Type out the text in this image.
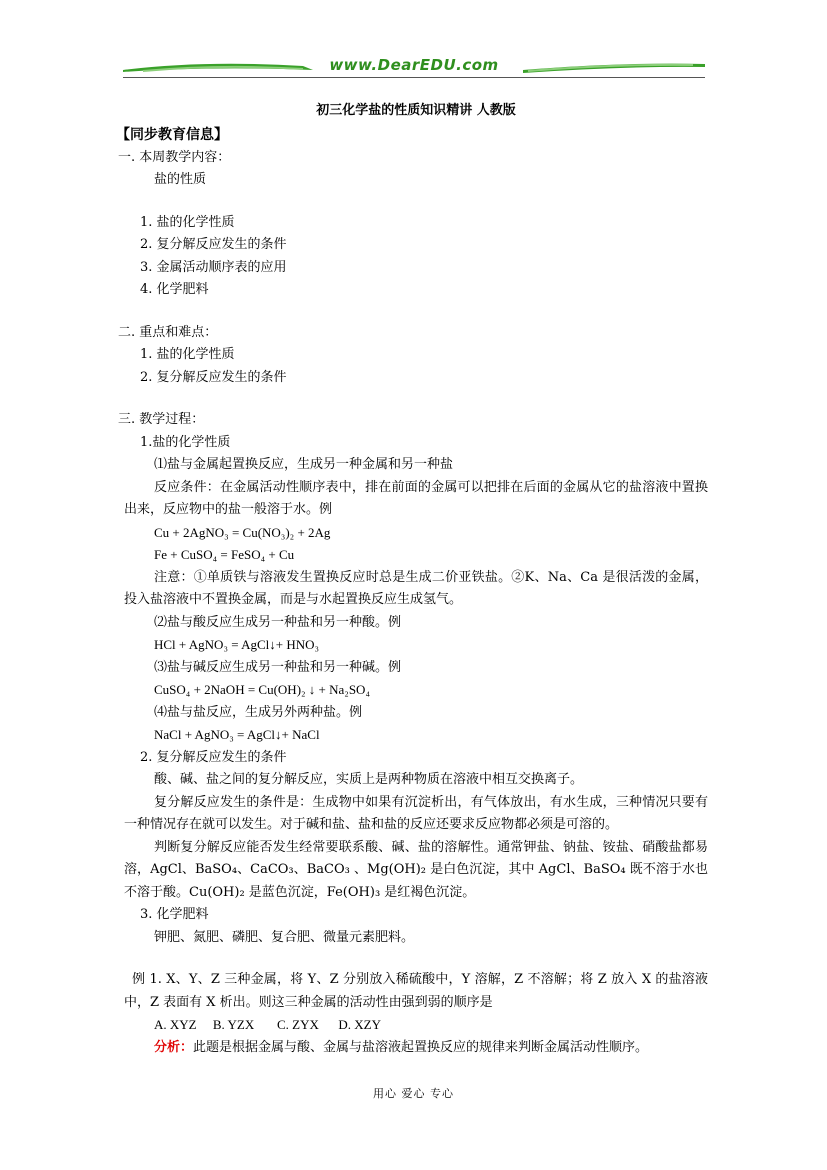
www.DearEDU.com
初三化学盐的性质知识精讲 人教版
【同步教育信息】
一. 本周教学内容：
盐的性质
1. 盐的化学性质
2. 复分解反应发生的条件
3. 金属活动顺序表的应用
4. 化学肥料
二. 重点和难点：
1. 盐的化学性质
2. 复分解反应发生的条件
三. 教学过程：
1.盐的化学性质
⑴盐与金属起置换反应，生成另一种金属和另一种盐
反应条件：在金属活动性顺序表中，排在前面的金属可以把排在后面的金属从它的盐溶液中置换出来，反应物中的盐一般溶于水。例
Cu + 2AgNO₃ = Cu(NO₃)₂ + 2Ag
Fe + CuSO₄ = FeSO₄ + Cu
注意：①单质铁与溶液发生置换反应时总是生成二价亚铁盐。②K、Na、Ca 是很活泼的金属，投入盐溶液中不置换金属，而是与水起置换反应生成氢气。
⑵盐与酸反应生成另一种盐和另一种酸。例
HCl + AgNO₃ = AgCl↓+ HNO₃
⑶盐与碱反应生成另一种盐和另一种碱。例
CuSO₄ + 2NaOH = Cu(OH)₂ ↓ + Na₂SO₄
⑷盐与盐反应，生成另外两种盐。例
NaCl + AgNO₃ = AgCl↓+ NaCl
2. 复分解反应发生的条件
酸、碱、盐之间的复分解反应，实质上是两种物质在溶液中相互交换离子。
复分解反应发生的条件是：生成物中如果有沉淀析出，有气体放出，有水生成，三种情况只要有一种情况存在就可以发生。对于碱和盐、盐和盐的反应还要求反应物都必须是可溶的。
判断复分解反应能否发生经常要联系酸、碱、盐的溶解性。通常钾盐、钠盐、铵盐、硝酸盐都易溶，AgCl、BaSO₄、CaCO₃、BaCO₃ 、Mg(OH)₂ 是白色沉淀，其中 AgCl、BaSO₄ 既不溶于水也不溶于酸。Cu(OH)₂ 是蓝色沉淀，Fe(OH)₃ 是红褐色沉淀。
3. 化学肥料
钾肥、氮肥、磷肥、复合肥、微量元素肥料。
例 1. X、Y、Z 三种金属，将 Y、Z 分别放入稀硫酸中，Y 溶解，Z 不溶解；将 Z 放入 X 的盐溶液中，Z 表面有 X 析出。则这三种金属的活动性由强到弱的顺序是
A. XYZ B. YZX C. ZYX D. XZY
分析：此题是根据金属与酸、金属与盐溶液起置换反应的规律来判断金属活动性顺序。
用心 爱心 专心
